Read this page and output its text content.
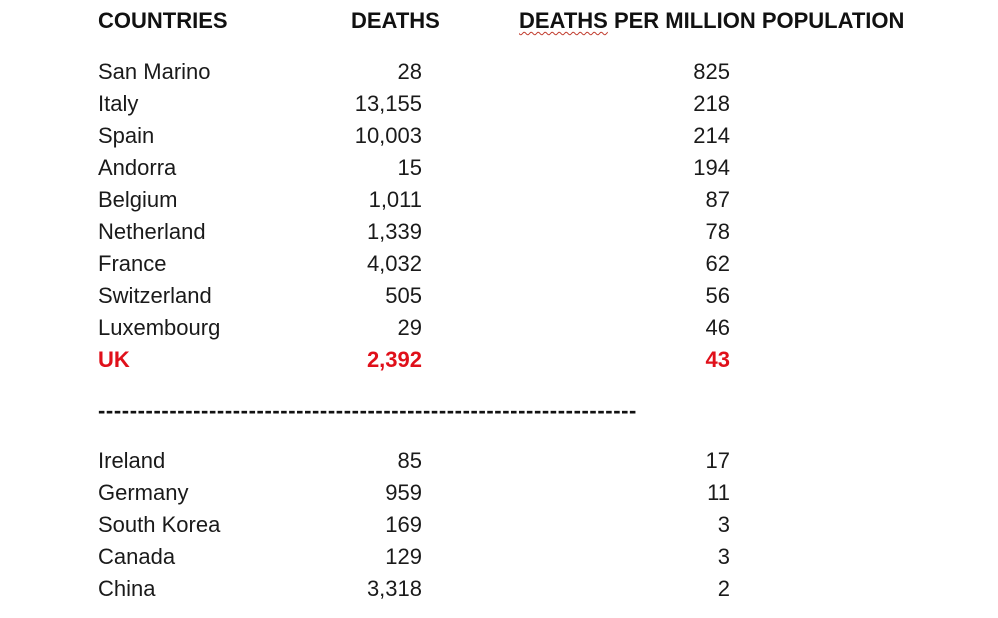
COUNTRIES	DEATHS	DEATHS PER MILLION POPULATION
San Marino	28	825
Italy	13,155	218
Spain	10,003	214
Andorra	15	194
Belgium	1,011	87
Netherland	1,339	78
France	4,032	62
Switzerland	505	56
Luxembourg	29	46
UK	2,392	43
--------------------------------------------------------------------
Ireland	85	17
Germany	959	11
South Korea	169	3
Canada	129	3
China	3,318	2
